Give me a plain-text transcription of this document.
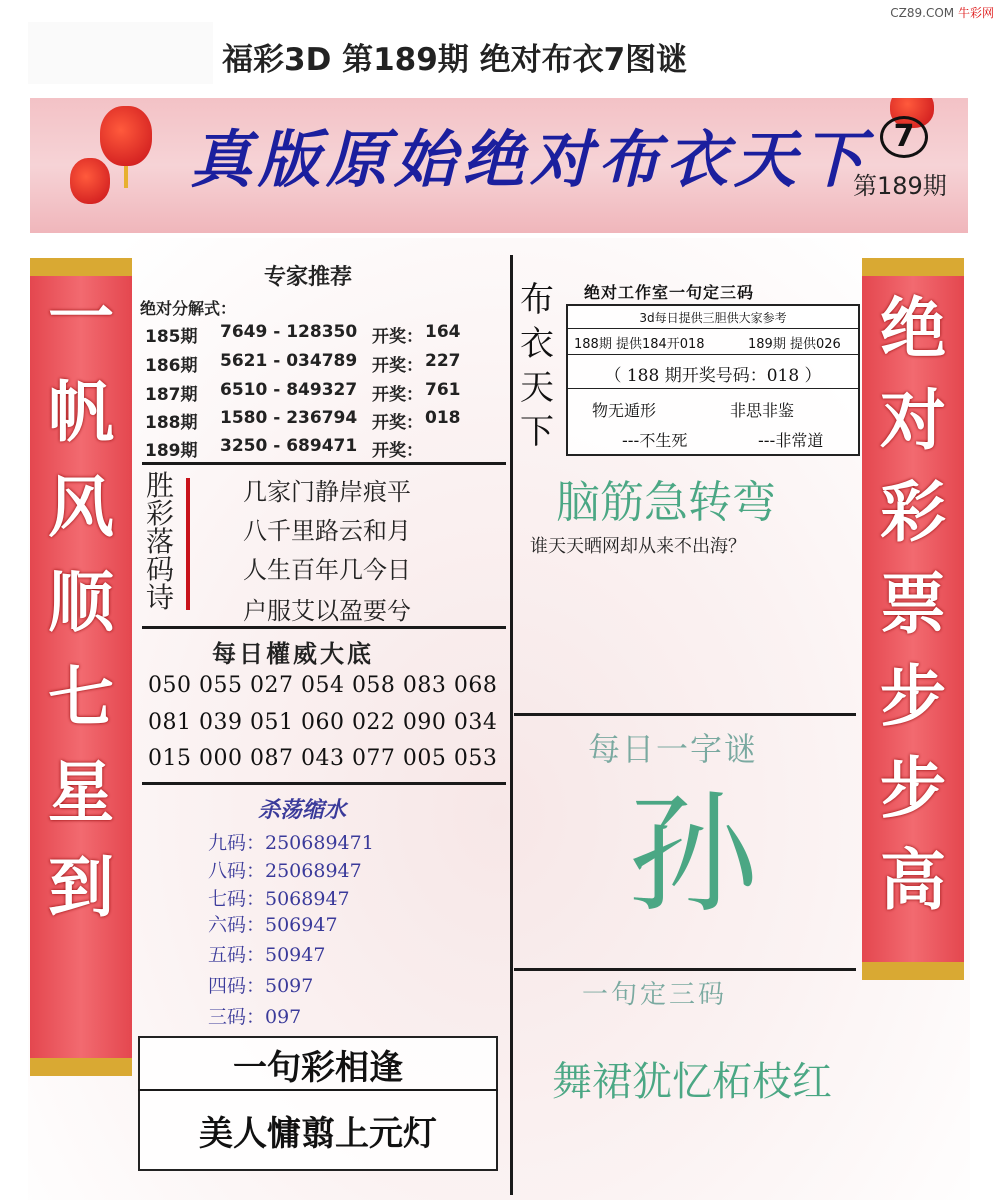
福彩3D 第189期 绝对布衣7图谜
CZ89.COM 牛彩网
真版原始绝对布衣天下 7
第189期
一
帆
风
顺
七
星
到
绝
对
彩
票
步
步
高
专家推荐
绝对分解式：
185期 7649 - 128350 开奖： 164
186期 5621 - 034789 开奖： 227
187期 6510 - 849327 开奖： 761
188期 1580 - 236794 开奖： 018
189期 3250 - 689471 开奖：
胜
彩
落
码
诗
几家门静岸痕平
八千里路云和月
人生百年几今日
户服艾以盈要兮
每日權威大底
050 055 027 054 058 083 068
081 039 051 060 022 090 034
015 000 087 043 077 005 053
杀荡缩水
九码：250689471
八码：25068947
七码：5068947
六码：506947
五码：50947
四码：5097
三码：097
一句彩相逢
美人慵翦上元灯
布
衣
天
下
绝对工作室一句定三码
3d每日提供三胆供大家参考
188期 提供184开018	189期 提供026
（ 188 期开奖号码：018 ）
物无遁形	非思非鉴
---不生死	---非常道
脑筋急转弯
谁天天晒网却从来不出海？
每日一字谜
孙
一句定三码
舞裙犹忆柘枝红
